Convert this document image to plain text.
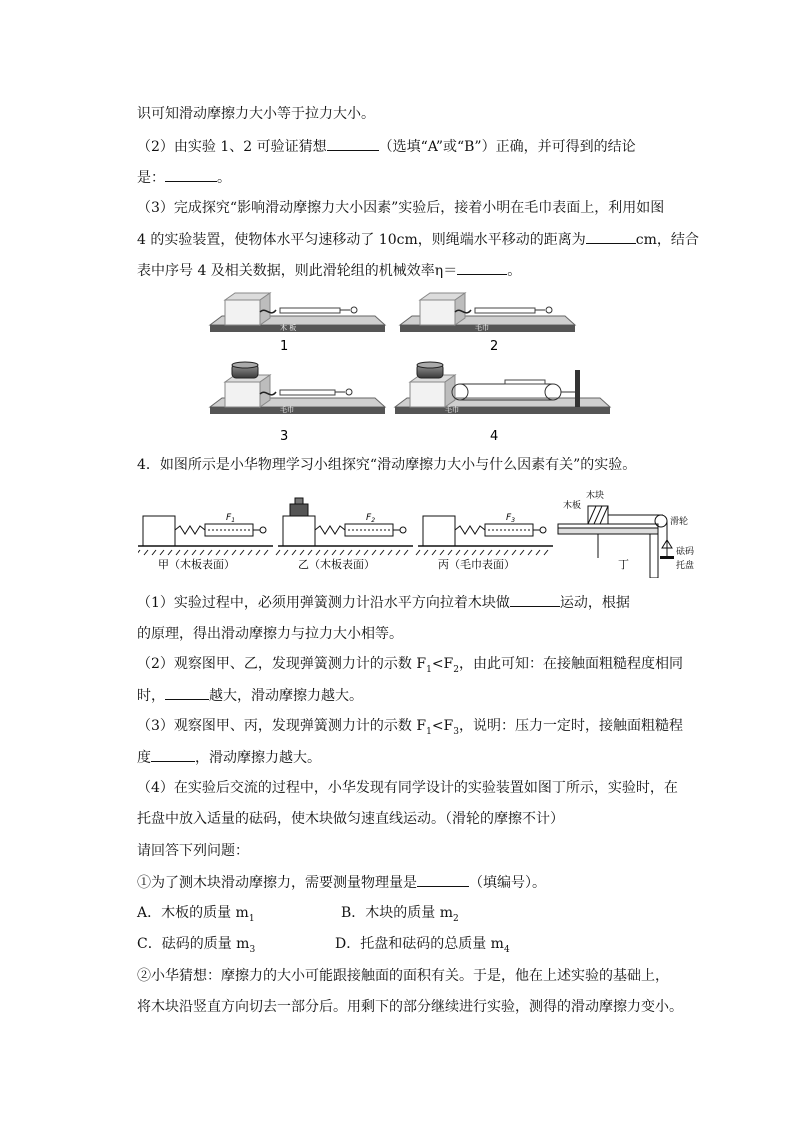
识可知滑动摩擦力大小等于拉力大小。
（2）由实验 1、2 可验证猜想	（选填“A”或“B”）正确，并可得到的结论
是：	。
（3）完成探究“影响滑动摩擦力大小因素”实验后，接着小明在毛巾表面上，利用如图
4 的实验装置，使物体水平匀速移动了 10cm，则绳端水平移动的距离为	cm，结合
表中序号 4 及相关数据，则此滑轮组的机械效率η＝	。
木 板
1
毛巾
2
毛巾
3
毛巾
4
4．如图所示是小华物理学习小组探究“滑动摩擦力大小与什么因素有关”的实验。
$F_1$
甲（木板表面）
$F_2$
乙（木板表面）
$F_3$
丙（毛巾表面）
木块
木板
滑轮
砝码
托盘
丁
（1）实验过程中，必须用弹簧测力计沿水平方向拉着木块做	运动，根据
的原理，得出滑动摩擦力与拉力大小相等。
（2）观察图甲、乙，发现弹簧测力计的示数 $F_1<F_2$，由此可知：在接触面粗糙程度相同
时，	越大，滑动摩擦力越大。
（3）观察图甲、丙，发现弹簧测力计的示数 $F_1<F_3$，说明：压力一定时，接触面粗糙程
度	，滑动摩擦力越大。
（4）在实验后交流的过程中，小华发现有同学设计的实验装置如图丁所示，实验时，在
托盘中放入适量的砝码，使木块做匀速直线运动。（滑轮的摩擦不计）
请回答下列问题：
①为了测木块滑动摩擦力，需要测量物理量是	（填编号）。
A．木板的质量 $m_1$	B．木块的质量 $m_2$
C．砝码的质量 $m_3$	D．托盘和砝码的总质量 $m_4$
②小华猜想：摩擦力的大小可能跟接触面的面积有关。于是，他在上述实验的基础上，
将木块沿竖直方向切去一部分后。用剩下的部分继续进行实验，测得的滑动摩擦力变小。
